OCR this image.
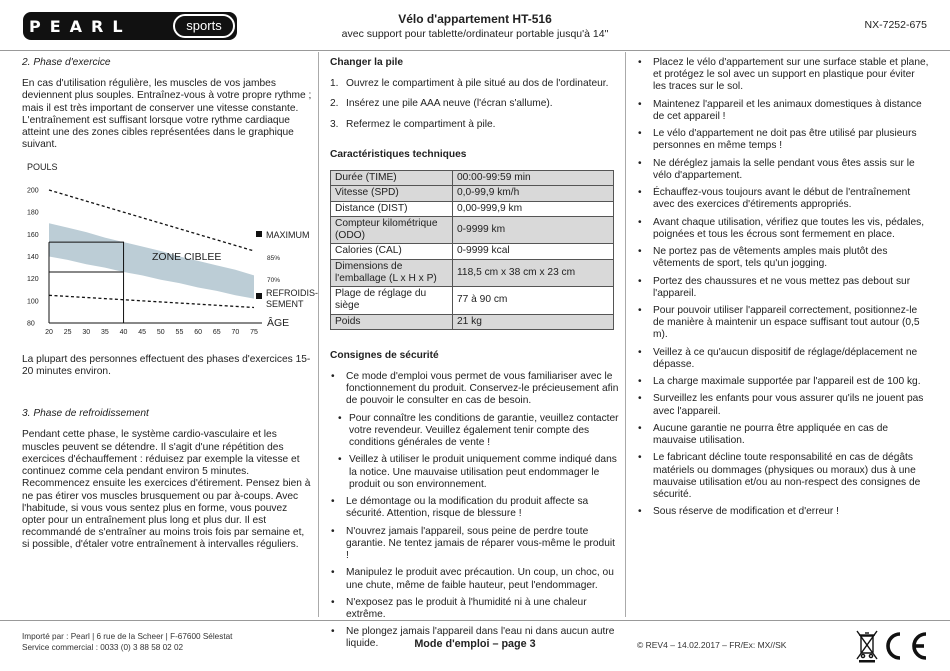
PEARL	sports	Vélo d'appartement HT-516
avec support pour tablette/ordinateur portable jusqu'à 14"
NX-7252-675
2. Phase d'exercice

En cas d'utilisation régulière, les muscles de vos jambes deviennent plus souples. Entraînez-vous à votre propre rythme ; mais il est très important de conserver une vitesse constante. L'entraînement est suffisant lorsque votre rythme cardiaque atteint une des zones cibles représentées dans le graphique suivant.

200
180
160
140
120
100
80
20 25 30 35 40 45 50 55 60 65 70 75
POULS
ÂGE
ZONE CIBLEE
MAXIMUM
85%
70%
REFROIDIS-
SEMENT

La plupart des personnes effectuent des phases d'exercices 15-20 minutes environ.

3. Phase de refroidissement

Pendant cette phase, le système cardio-vasculaire et les muscles peuvent se détendre. Il s'agit d'une répétition des exercices d'échauffement : réduisez par exemple la vitesse et continuez comme cela pendant environ 5 minutes. Recommencez ensuite les exercices d'étirement. Pensez bien à ne pas étirer vos muscles brusquement ou par à-coups. Avec l'habitude, si vous vous sentez plus en forme, vous pouvez opter pour un entraînement plus long et plus dur. Il est recommandé de s'entraîner au moins trois fois par semaine et, si possible, d'étaler votre entraînement à intervalles réguliers.

Changer la pile
1. Ouvrez le compartiment à pile situé au dos de l'ordinateur.
2. Insérez une pile AAA neuve (l'écran s'allume).
3. Refermez le compartiment à pile.
Caractéristiques techniques
Durée (TIME)	00:00-99:59 min
Vitesse (SPD)	0,0-99,9 km/h
Distance (DIST)	0,00-999,9 km
Compteur kilométrique (ODO)	0-9999 km
Calories (CAL)	0-9999 kcal
Dimensions de l'emballage (L x H x P)	118,5 cm x 38 cm x 23 cm
Plage de réglage du siège	77 à 90 cm
Poids	21 kg
Consignes de sécurité
• Ce mode d'emploi vous permet de vous familiariser avec le fonctionnement du produit. Conservez-le précieusement afin de pouvoir le consulter en cas de besoin.
• Pour connaître les conditions de garantie, veuillez contacter votre revendeur. Veuillez également tenir compte des conditions générales de vente !
• Veillez à utiliser le produit uniquement comme indiqué dans la notice. Une mauvaise utilisation peut endommager le produit ou son environnement.
• Le démontage ou la modification du produit affecte sa sécurité. Attention, risque de blessure !
• N'ouvrez jamais l'appareil, sous peine de perdre toute garantie. Ne tentez jamais de réparer vous-même le produit !
• Manipulez le produit avec précaution. Un coup, un choc, ou une chute, même de faible hauteur, peut l'endommager.
• N'exposez pas le produit à l'humidité ni à une chaleur extrême.
• Ne plongez jamais l'appareil dans l'eau ni dans aucun autre liquide.
• Placez le vélo d'appartement sur une surface stable et plane, et protégez le sol avec un support en plastique pour éviter les traces sur le sol.
• Maintenez l'appareil et les animaux domestiques à distance de cet appareil !
• Le vélo d'appartement ne doit pas être utilisé par plusieurs personnes en même temps !
• Ne déréglez jamais la selle pendant vous êtes assis sur le vélo d'appartement.
• Échauffez-vous toujours avant le début de l'entraînement avec des exercices d'étirements appropriés.
• Avant chaque utilisation, vérifiez que toutes les vis, pédales, poignées et tous les écrous sont fermement en place.
• Ne portez pas de vêtements amples mais plutôt des vêtements de sport, tels qu'un jogging.
• Portez des chaussures et ne vous mettez pas debout sur l'appareil.
• Pour pouvoir utiliser l'appareil correctement, positionnez-le de manière à maintenir un espace suffisant tout autour (0,5 m).
• Veillez à ce qu'aucun dispositif de réglage/déplacement ne dépasse.
• La charge maximale supportée par l'appareil est de 100 kg.
• Surveillez les enfants pour vous assurer qu'ils ne jouent pas avec l'appareil.
• Aucune garantie ne pourra être appliquée en cas de mauvaise utilisation.
• Le fabricant décline toute responsabilité en cas de dégâts matériels ou dommages (physiques ou moraux) dus à une mauvaise utilisation et/ou au non-respect des consignes de sécurité.
• Sous réserve de modification et d'erreur !
Importé par : Pearl | 6 rue de la Scheer | F-67600 Sélestat
Service commercial : 0033 (0) 3 88 58 02 02	Mode d'emploi – page 3	© REV4 – 14.02.2017 – FR/Ex: MX//SK
